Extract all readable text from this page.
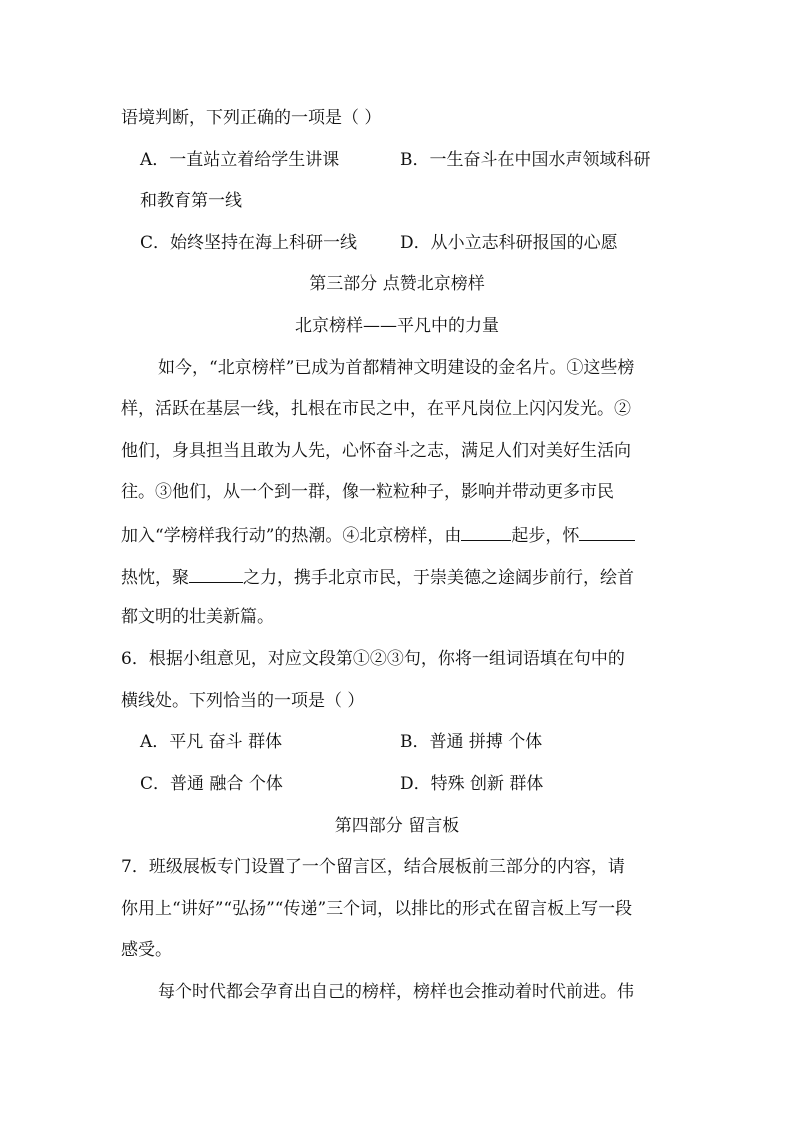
语境判断，下列正确的一项是（ ）
A．一直站立着给学生讲课	B．一生奋斗在中国水声领域科研
和教育第一线
C．始终坚持在海上科研一线	D．从小立志科研报国的心愿
第三部分 点赞北京榜样
北京榜样——平凡中的力量
如今，“北京榜样”已成为首都精神文明建设的金名片。①这些榜
样，活跃在基层一线，扎根在市民之中，在平凡岗位上闪闪发光。②
他们，身具担当且敢为人先，心怀奋斗之志，满足人们对美好生活向
往。③他们，从一个到一群，像一粒粒种子，影响并带动更多市民
加入“学榜样我行动”的热潮。④北京榜样，由	起步，怀
热忱，聚	之力，携手北京市民，于崇美德之途阔步前行，绘首
都文明的壮美新篇。
6．根据小组意见，对应文段第①②③句，你将一组词语填在句中的
横线处。下列恰当的一项是（ ）
A．平凡 奋斗 群体	B．普通 拼搏 个体
C．普通 融合 个体	D．特殊 创新 群体
第四部分 留言板
7．班级展板专门设置了一个留言区，结合展板前三部分的内容，请
你用上“讲好”“弘扬”“传递”三个词，以排比的形式在留言板上写一段
感受。
每个时代都会孕育出自己的榜样，榜样也会推动着时代前进。伟
